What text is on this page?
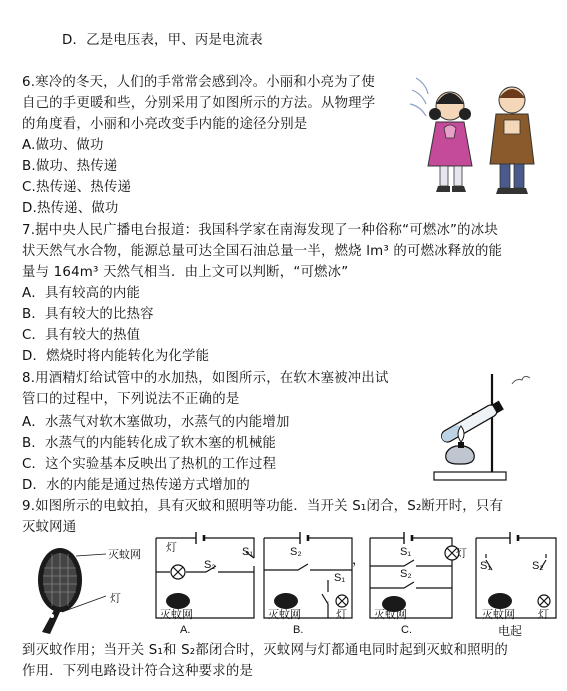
D．乙是电压表，甲、丙是电流表
6.寒冷的冬天，人们的手常常会感到冷。小丽和小亮为了使
自己的手更暖和些，分别采用了如图所示的方法。从物理学
的角度看，小丽和小亮改变手内能的途径分别是
A.做功、做功
B.做功、热传递
C.热传递、热传递
D.热传递、做功
7.据中央人民广播电台报道：我国科学家在南海发现了一种俗称“可燃冰”的冰块
状天然气水合物，能源总量可达全国石油总量一半，燃烧 lm³ 的可燃冰释放的能
量与 164m³ 天然气相当．由上文可以判断，“可燃冰”
A．具有较高的内能
B．具有较大的比热容
C．具有较大的热值
D．燃烧时将内能转化为化学能
8.用酒精灯给试管中的水加热，如图所示，在软木塞被冲出试
管口的过程中，下列说法不正确的是
A．水蒸气对软木塞做功，水蒸气的内能增加
B．水蒸气的内能转化成了软木塞的机械能
C．这个实验基本反映出了热机的工作过程
D．水的内能是通过热传递方式增加的
9.如图所示的电蚊拍，具有灭蚊和照明等功能．当开关 S₁闭合，S₂断开时，只有
灭蚊网通
灭蚊网
灯
灯
S₂
S₁
灭蚊网
A.
S₂
S₁
灭蚊网	灯
B.
，
S₁
S₂
灯
灭蚊网
C.
S₁	S₂
灭蚊网 灯
电起
到灭蚊作用；当开关 S₁和 S₂都闭合时，灭蚊网与灯都通电同时起到灭蚊和照明的
作用．下列电路设计符合这种要求的是
